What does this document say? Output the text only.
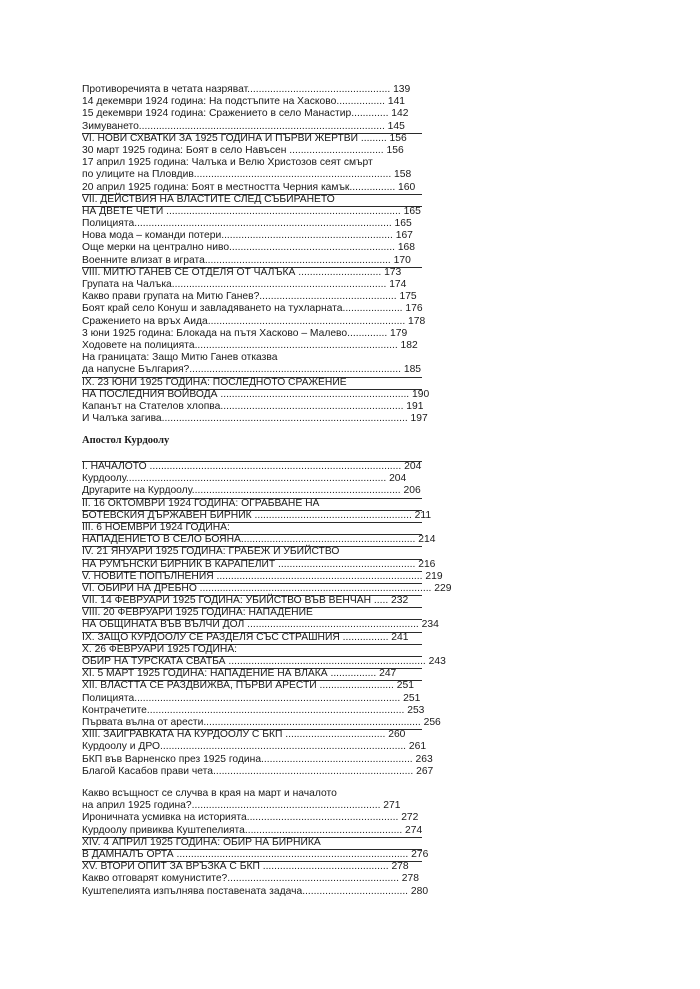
Противоречията в четата назряват.................................................. 139
14 декември 1924 година: На подстъпите на Хасково................. 141
15 декември 1924 година: Сражението в село Манастир............. 142
Зимуването...................................................................................... 145
VI. НОВИ СХВАТКИ ЗА 1925 ГОДИНА И ПЪРВИ ЖЕРТВИ ......... 156
30 март 1925 година: Боят в село Навъсен ................................. 156
17 април 1925 година: Чалъка и Велю Христозов сеят смърт
по улиците на Пловдив..................................................................... 158
20 април 1925 година: Боят в местността Черния камък................ 160
VII. ДЕЙСТВИЯ НА ВЛАСТИТЕ СЛЕД СЪБИРАНЕТО
НА ДВЕТЕ ЧЕТИ .................................................................................. 165
Полицията.......................................................................................... 165
Нова мода – команди потери............................................................ 167
Още мерки на централно ниво.......................................................... 168
Военните влизат в играта................................................................. 170
VIII. МИТЮ ГАНЕВ СЕ ОТДЕЛЯ ОТ ЧАЛЪКА ............................. 173
Групата на Чалъка........................................................................... 174
Какво прави групата на Митю Ганев?................................................ 175
Боят край село Конуш и завладяването на тухларната..................... 176
Сражението на връх Аида..................................................................... 178
3 юни 1925 година: Блокада на пътя Хасково – Малево.............. 179
Ходовете на полицията....................................................................... 182
На границата: Защо Митю Ганев отказва
да напусне България?.......................................................................... 185
IX. 23 ЮНИ 1925 ГОДИНА: ПОСЛЕДНОТО СРАЖЕНИЕ
НА ПОСЛЕДНИЯ ВОЙВОДА .................................................................. 190
Капанът на Стателов хлопва................................................................ 191
И Чалъка загива...................................................................................... 197
Апостол Курдоолу
I. НАЧАЛОТО ........................................................................................ 204
Курдоолу........................................................................................... 204
Другарите на Курдоолу......................................................................... 206
II. 16 ОКТОМВРИ 1924 ГОДИНА: ОГРАБВАНЕ НА
БОТЕВСКИЯ ДЪРЖАВЕН БИРНИК ....................................................... 211
III. 6 НОЕМВРИ 1924 ГОДИНА:
НАПАДЕНИЕТО В СЕЛО БОЯНА............................................................. 214
IV. 21 ЯНУАРИ 1925 ГОДИНА: ГРАБЕЖ И УБИЙСТВО
НА РУМЪНСКИ БИРНИК В КАРАПЕЛИТ ................................................ 216
V. НОВИТЕ ПОПЪЛНЕНИЯ ........................................................................ 219
VI. ОБИРИ НА ДРЕБНО ................................................................................. 229
VII. 14 ФЕВРУАРИ 1925 ГОДИНА: УБИЙСТВО ВЪВ ВЕНЧАН ..... 232
VIII. 20 ФЕВРУАРИ 1925 ГОДИНА: НАПАДЕНИЕ
НА ОБЩИНАТА ВЪВ ВЪЛЧИ ДОЛ ............................................................ 234
IX. ЗАЩО КУРДООЛУ СЕ РАЗДЕЛЯ СЪС СТРАШНИЯ ................ 241
X. 26 ФЕВРУАРИ 1925 ГОДИНА:
ОБИР НА ТУРСКАТА СВАТБА ..................................................................... 243
XI. 5 МАРТ 1925 ГОДИНА: НАПАДЕНИЕ НА ВЛАКА ................ 247
XII. ВЛАСТТА СЕ РАЗДВИЖВА, ПЪРВИ АРЕСТИ .......................... 251
Полицията............................................................................................. 251
Контрачетите.......................................................................................... 253
Първата вълна от арести............................................................................ 256
XIII. ЗАИГРАВКАТА НА КУРДООЛУ С БКП ................................... 260
Курдоолу и ДРО...................................................................................... 261
БКП във Варненско през 1925 година..................................................... 263
Благой Касабов прави чета...................................................................... 267
Какво всъщност се случва в края на март и началото
на април 1925 година?.................................................................. 271
Ироничната усмивка на историята..................................................... 272
Курдоолу привиква Куштепелията....................................................... 274
XIV. 4 АПРИЛ 1925 ГОДИНА: ОБИР НА БИРНИКА
В ДАМНАЛЪ ОРТА ................................................................................. 276
XV. ВТОРИ ОПИТ ЗА ВРЪЗКА С БКП ............................................ 278
Какво отговарят комунистите?............................................................ 278
Куштепелията изпълнява поставената задача..................................... 280
